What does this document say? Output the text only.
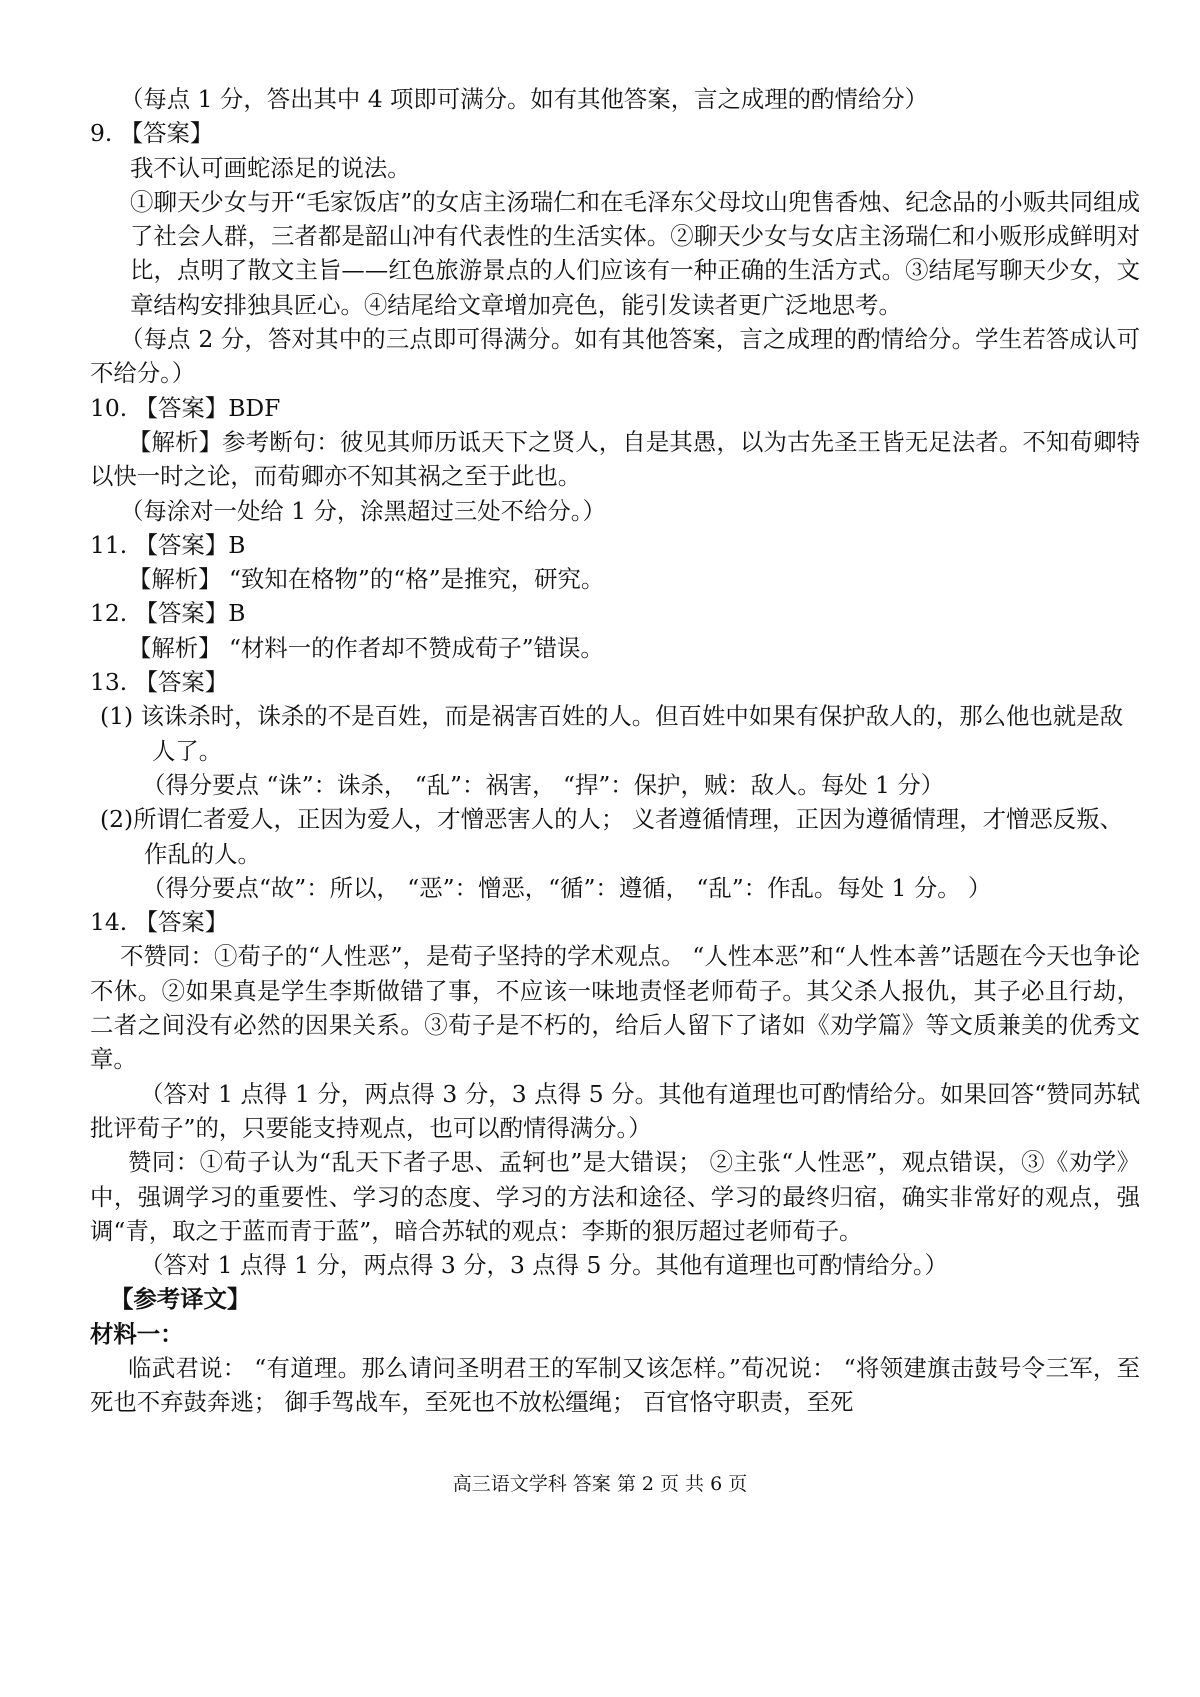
（每点 1 分，答出其中 4 项即可满分。如有其他答案，言之成理的酌情给分）
9. 【答案】
我不认可画蛇添足的说法。
①聊天少女与开“毛家饭店”的女店主汤瑞仁和在毛泽东父母坟山兜售香烛、纪念品的小贩共同组成了社会人群，三者都是韶山冲有代表性的生活实体。②聊天少女与女店主汤瑞仁和小贩形成鲜明对比，点明了散文主旨——红色旅游景点的人们应该有一种正确的生活方式。③结尾写聊天少女，文章结构安排独具匠心。④结尾给文章增加亮色，能引发读者更广泛地思考。
（每点 2 分，答对其中的三点即可得满分。如有其他答案，言之成理的酌情给分。学生若答成认可不给分。）
10. 【答案】BDF
【解析】参考断句：彼见其师历诋天下之贤人，自是其愚，以为古先圣王皆无足法者。不知荀卿特以快一时之论，而荀卿亦不知其祸之至于此也。
（每涂对一处给 1 分，涂黑超过三处不给分。）
11. 【答案】B
【解析】 “致知在格物”的“格”是推究，研究。
12. 【答案】B
【解析】 “材料一的作者却不赞成荀子”错误。
13. 【答案】
(1) 该诛杀时，诛杀的不是百姓，而是祸害百姓的人。但百姓中如果有保护敌人的，那么他也就是敌人了。
（得分要点 “诛”：诛杀， “乱”：祸害， “捍”：保护，贼：敌人。每处 1 分）
(2)所谓仁者爱人，正因为爱人，才憎恶害人的人； 义者遵循情理，正因为遵循情理，才憎恶反叛、作乱的人。
（得分要点“故”：所以， “恶”：憎恶，“循”：遵循， “乱”：作乱。每处 1 分。 ）
14. 【答案】
不赞同：①荀子的“人性恶”，是荀子坚持的学术观点。 “人性本恶”和“人性本善”话题在今天也争论不休。②如果真是学生李斯做错了事，不应该一味地责怪老师荀子。其父杀人报仇，其子必且行劫，二者之间没有必然的因果关系。③荀子是不朽的，给后人留下了诸如《劝学篇》等文质兼美的优秀文章。
（答对 1 点得 1 分，两点得 3 分，3 点得 5 分。其他有道理也可酌情给分。如果回答“赞同苏轼批评荀子”的，只要能支持观点，也可以酌情得满分。）
赞同：①荀子认为“乱天下者子思、孟轲也”是大错误； ②主张“人性恶”，观点错误，③《劝学》中，强调学习的重要性、学习的态度、学习的方法和途径、学习的最终归宿，确实非常好的观点，强调“青，取之于蓝而青于蓝”，暗合苏轼的观点：李斯的狠厉超过老师荀子。
（答对 1 点得 1 分，两点得 3 分，3 点得 5 分。其他有道理也可酌情给分。）
【参考译文】
材料一：
临武君说： “有道理。那么请问圣明君王的军制又该怎样。”荀况说： “将领建旗击鼓号令三军，至死也不弃鼓奔逃； 御手驾战车，至死也不放松缰绳； 百官恪守职责，至死
高三语文学科 答案 第 2 页 共 6 页
